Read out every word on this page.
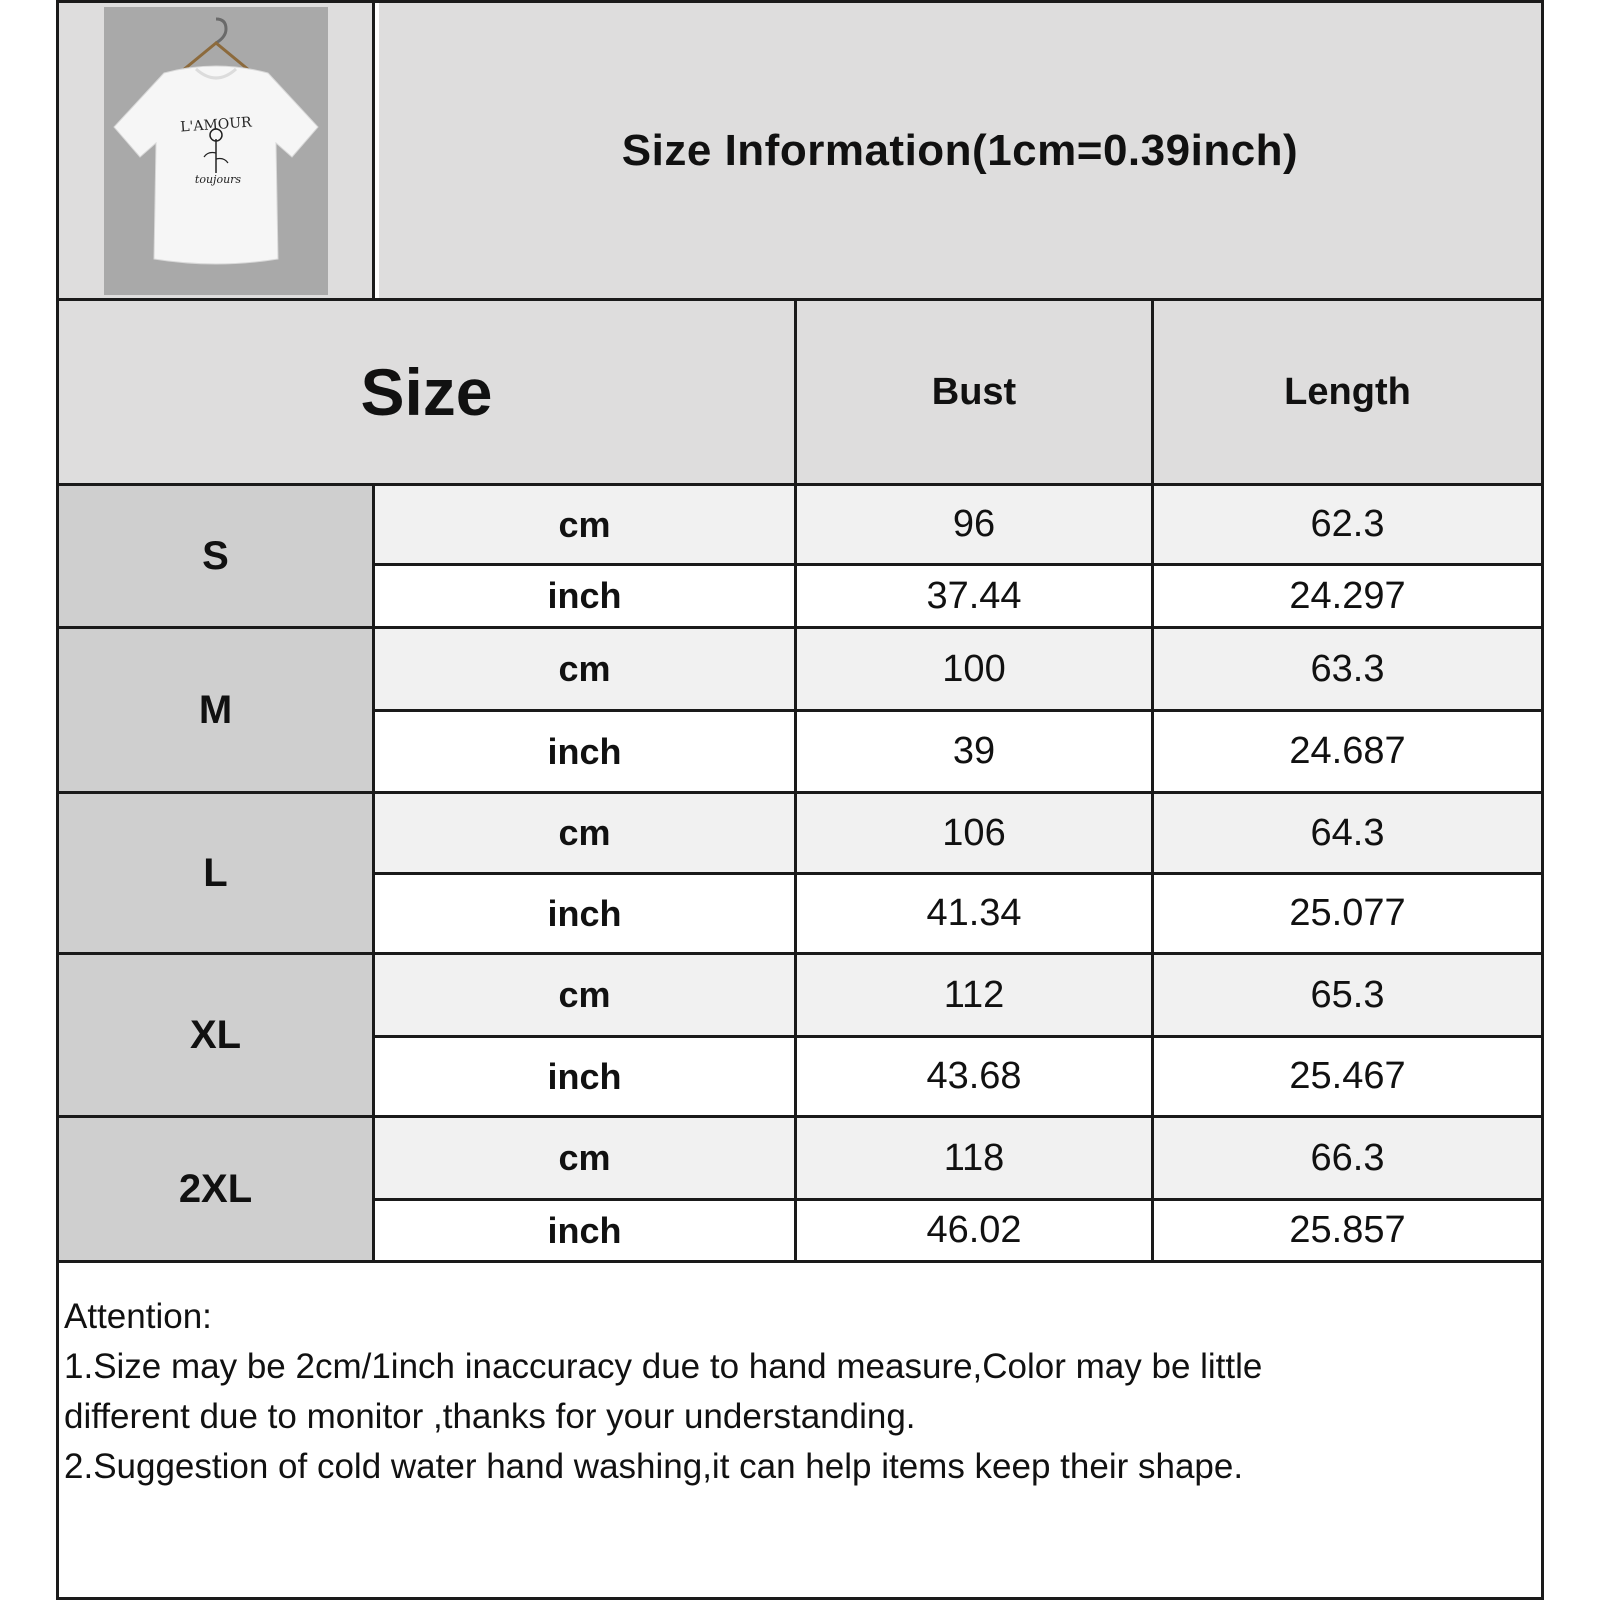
L'AMOUR
toujours
Size Information(1cm=0.39inch)
Size	Bust	Length
S
cm	96	62.3
inch	37.44	24.297
M
cm	100	63.3
inch	39	24.687
L
cm	106	64.3
inch	41.34	25.077
XL
cm	112	65.3
inch	43.68	25.467
2XL
cm	118	66.3
inch	46.02	25.857
Attention:
1.Size may be 2cm/1inch inaccuracy due to hand measure,Color may be little
different due to monitor ,thanks for your understanding.
2.Suggestion of cold water hand washing,it can help items keep their shape.
